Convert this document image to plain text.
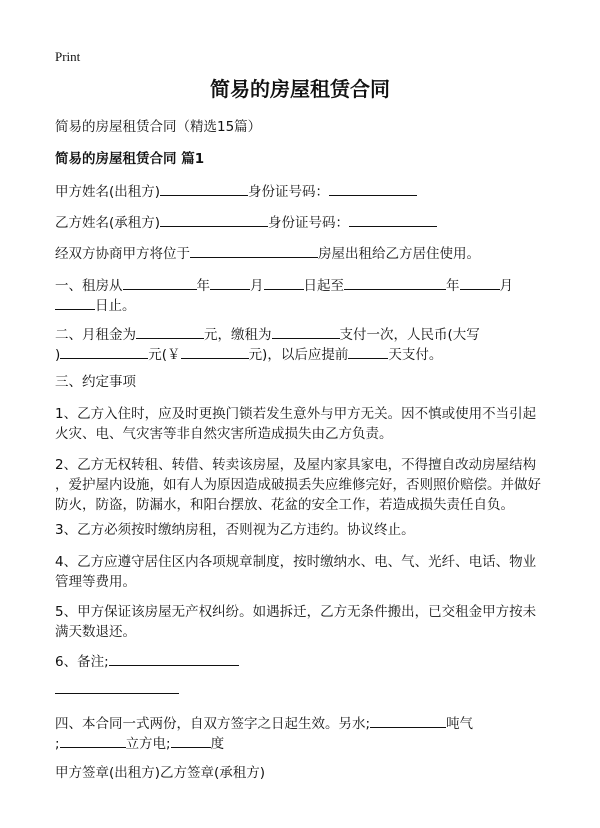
Print
简易的房屋租赁合同
简易的房屋租赁合同（精选15篇）
简易的房屋租赁合同 篇1
甲方姓名(出租方)	身份证号码：
乙方姓名(承租方)	身份证号码：
经双方协商甲方将位于	房屋出租给乙方居住使用。
一、租房从	年	月	日起至	年	月
日止。
二、月租金为	元，缴租为	支付一次，人民币(大写
)	元(￥	元)，以后应提前	天支付。
三、约定事项
1、乙方入住时，应及时更换门锁若发生意外与甲方无关。因不慎或使用不当引起
火灾、电、气灾害等非自然灾害所造成损失由乙方负责。
2、乙方无权转租、转借、转卖该房屋，及屋内家具家电，不得擅自改动房屋结构
，爱护屋内设施，如有人为原因造成破损丢失应维修完好，否则照价赔偿。并做好
防火，防盗，防漏水，和阳台摆放、花盆的安全工作，若造成损失责任自负。
3、乙方必须按时缴纳房租，否则视为乙方违约。协议终止。
4、乙方应遵守居住区内各项规章制度，按时缴纳水、电、气、光纤、电话、物业
管理等费用。
5、甲方保证该房屋无产权纠纷。如遇拆迁，乙方无条件搬出，已交租金甲方按未
满天数退还。
6、备注;
四、本合同一式两份，自双方签字之日起生效。另水;	吨气
;	立方电;	度
甲方签章(出租方)乙方签章(承租方)
